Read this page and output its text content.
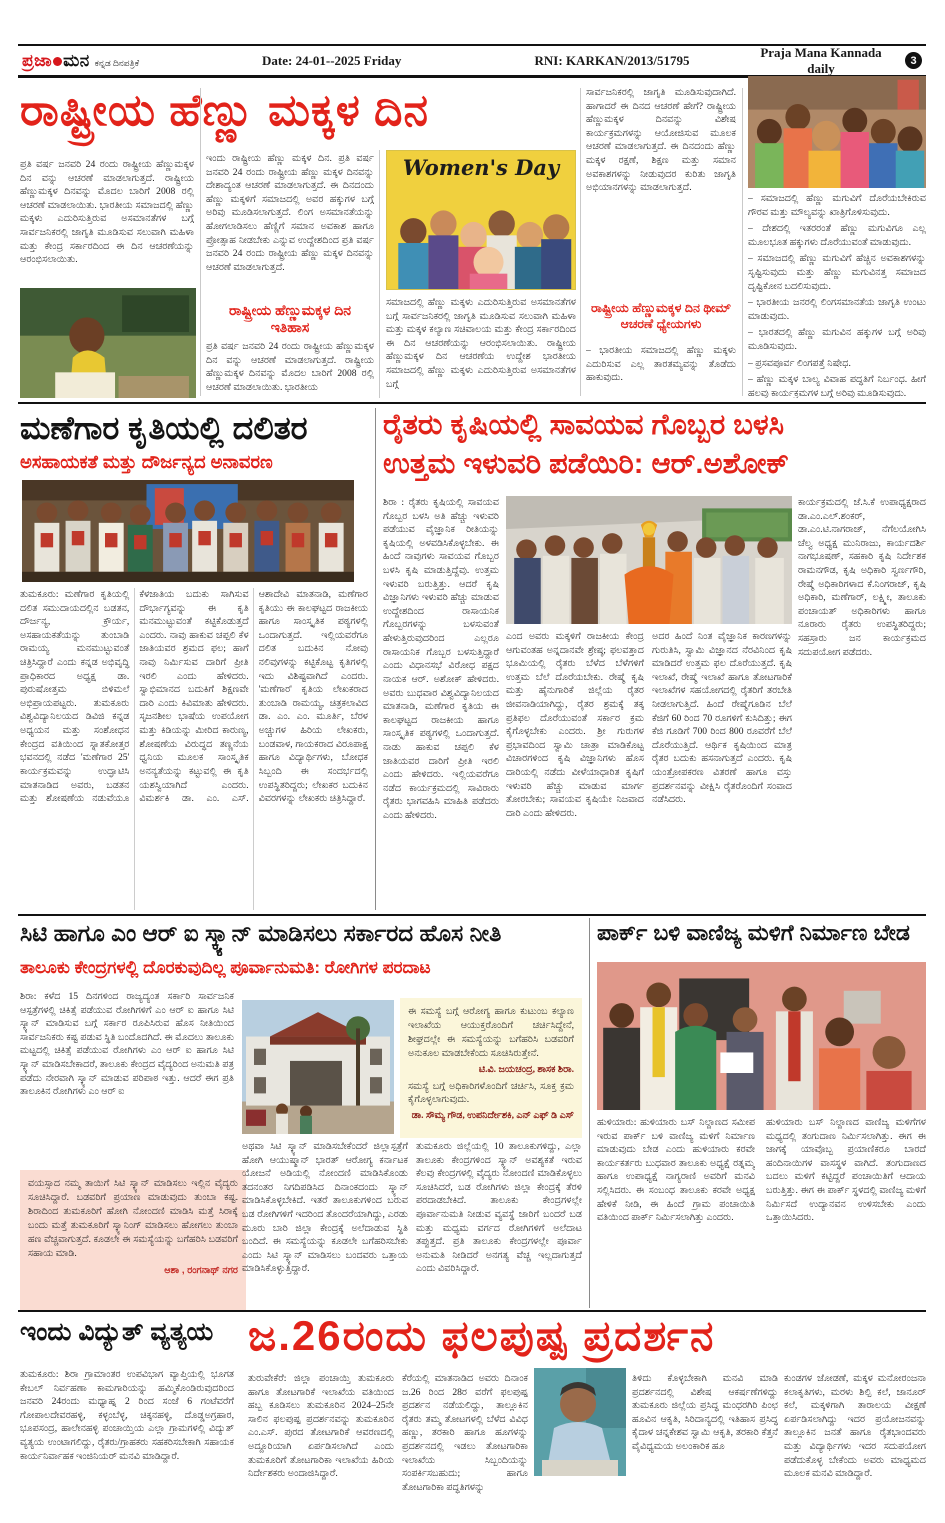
ಪ್ರಜಾ ಮನ ಕನ್ನಡ ದಿನಪತ್ರಿಕೆ	Date: 24-01--2025 Friday	RNI: KARKAN/2013/51795
Praja Mana Kannada daily	3
ರಾಷ್ಟ್ರೀಯ ಹೆಣ್ಣು ಮಕ್ಕಳ ದಿನ
ಪ್ರತಿ ವರ್ಷ ಜನವರಿ 24 ರಂದು ರಾಷ್ಟ್ರೀಯ ಹೆಣ್ಣುಮಕ್ಕಳ ದಿನ ವನ್ನು ಆಚರಣೆ ಮಾಡಲಾಗುತ್ತದೆ. ರಾಷ್ಟ್ರೀಯ ಹೆಣ್ಣುಮಕ್ಕಳ ದಿನವನ್ನು ಮೊದಲ ಬಾರಿಗೆ 2008 ರಲ್ಲಿ ಆಚರಣೆ ಮಾಡಲಾಯಿತು. ಭಾರತೀಯ ಸಮಾಜದಲ್ಲಿ ಹೆಣ್ಣು ಮಕ್ಕಳು ಎದುರಿಸುತ್ತಿರುವ ಅಸಮಾನತೆಗಳ ಬಗ್ಗೆ ಸಾರ್ವಜನಿಕರಲ್ಲಿ ಜಾಗೃತಿ ಮೂಡಿಸುವ ಸಲುವಾಗಿ ಮಹಿಳಾ ಮತ್ತು ಕೇಂದ್ರ ಸರ್ಕಾರದಿಂದ ಈ ದಿನ ಆಚರಣೆಯನ್ನು ಆರಂಭಿಸಲಾಯಿತು.
ಇಂದು ರಾಷ್ಟ್ರೀಯ ಹೆಣ್ಣು ಮಕ್ಕಳ ದಿನ. ಪ್ರತಿ ವರ್ಷ ಜನವರಿ 24 ರಂದು ರಾಷ್ಟ್ರೀಯ ಹೆಣ್ಣು ಮಕ್ಕಳ ದಿನವನ್ನು ದೇಶಾದ್ಯಂತ ಆಚರಣೆ ಮಾಡಲಾಗುತ್ತದೆ. ಈ ದಿನದಂದು ಹೆಣ್ಣು ಮಕ್ಕಳಿಗೆ ಸಮಾಜದಲ್ಲಿ ಅವರ ಹಕ್ಕುಗಳ ಬಗ್ಗೆ ಅರಿವು ಮೂಡಿಸಲಾಗುತ್ತದೆ. ಲಿಂಗ ಅಸಮಾನತೆಯನ್ನು ಹೋಗಲಾಡಿಸಲು ಹೆಣ್ಣಿಗೆ ಸಮಾನ ಅವಕಾಶ ಹಾಗೂ ಪ್ರೋತ್ಸಾಹ ನೀಡಬೇಕು ಎನ್ನುವ ಉದ್ದೇಶದಿಂದ ಪ್ರತಿ ವರ್ಷ ಜನವರಿ 24 ರಂದು ರಾಷ್ಟ್ರೀಯ ಹೆಣ್ಣು ಮಕ್ಕಳ ದಿನವನ್ನು ಆಚರಣೆ ಮಾಡಲಾಗುತ್ತದೆ.
ರಾಷ್ಟ್ರೀಯ ಹೆಣ್ಣುಮಕ್ಕಳ ದಿನ
ಇತಿಹಾಸ
ಪ್ರತಿ ವರ್ಷ ಜನವರಿ 24 ರಂದು ರಾಷ್ಟ್ರೀಯ ಹೆಣ್ಣುಮಕ್ಕಳ ದಿನ ವನ್ನು ಆಚರಣೆ ಮಾಡಲಾಗುತ್ತದೆ. ರಾಷ್ಟ್ರೀಯ ಹೆಣ್ಣುಮಕ್ಕಳ ದಿನವನ್ನು ಮೊದಲ ಬಾರಿಗೆ 2008 ರಲ್ಲಿ ಆಚರಣೆ ಮಾಡಲಾಯಿತು. ಭಾರತೀಯ
Women's Day
ಸಮಾಜದಲ್ಲಿ ಹೆಣ್ಣು ಮಕ್ಕಳು ಎದುರಿಸುತ್ತಿರುವ ಅಸಮಾನತೆಗಳ ಬಗ್ಗೆ ಸಾರ್ವಜನಿಕರಲ್ಲಿ ಜಾಗೃತಿ ಮೂಡಿಸುವ ಸಲುವಾಗಿ ಮಹಿಳಾ ಮತ್ತು ಮಕ್ಕಳ ಕಲ್ಯಾಣ ಸಚಿವಾಲಯ ಮತ್ತು ಕೇಂದ್ರ ಸರ್ಕಾರದಿಂದ ಈ ದಿನ ಆಚರಣೆಯನ್ನು ಆರಂಭಿಸಲಾಯಿತು. ರಾಷ್ಟ್ರೀಯ ಹೆಣ್ಣುಮಕ್ಕಳ ದಿನ ಆಚರಣೆಯ ಉದ್ದೇಶ ಭಾರತೀಯ ಸಮಾಜದಲ್ಲಿ ಹೆಣ್ಣು ಮಕ್ಕಳು ಎದುರಿಸುತ್ತಿರುವ ಅಸಮಾನತೆಗಳ ಬಗ್ಗೆ
ಸಾರ್ವಜನಿಕರಲ್ಲಿ ಜಾಗೃತಿ ಮೂಡಿಸುವುದಾಗಿದೆ. ಹಾಗಾದರೆ ಈ ದಿನದ ಆಚರಣೆ ಹೇಗೆ? ರಾಷ್ಟ್ರೀಯ ಹೆಣ್ಣುಮಕ್ಕಳ ದಿನವನ್ನು ವಿಶೇಷ ಕಾರ್ಯಕ್ರಮಗಳನ್ನು ಆಯೋಜಿಸುವ ಮೂಲಕ ಆಚರಣೆ ಮಾಡಲಾಗುತ್ತದೆ. ಈ ದಿನದಂದು ಹೆಣ್ಣು ಮಕ್ಕಳ ರಕ್ಷಣೆ, ಶಿಕ್ಷಣ ಮತ್ತು ಸಮಾನ ಅವಕಾಶಗಳನ್ನು ನೀಡುವುದರ ಕುರಿತು ಜಾಗೃತಿ ಅಭಿಯಾನಗಳನ್ನು ಮಾಡಲಾಗುತ್ತದೆ.
ರಾಷ್ಟ್ರೀಯ ಹೆಣ್ಣುಮಕ್ಕಳ ದಿನ ಥೀಮ್
ಆಚರಣೆ ಧ್ಯೇಯಗಳು
– ಭಾರತೀಯ ಸಮಾಜದಲ್ಲಿ ಹೆಣ್ಣು ಮಕ್ಕಳು ಎದುರಿಸುವ ಎಲ್ಲ ತಾರತಮ್ಯವನ್ನು ತೊಡೆದು ಹಾಕುವುದು.
– ಸಮಾಜದಲ್ಲಿ ಹೆಣ್ಣು ಮಗುವಿಗೆ ದೊರೆಯಬೇಕಿರುವ ಗೌರವ ಮತ್ತು ಮೌಲ್ಯವನ್ನು ಖಾತ್ರಿಗೊಳಿಸುವುದು.
– ದೇಶದಲ್ಲಿ ಇತರರಂತೆ ಹೆಣ್ಣು ಮಗುವಿಗೂ ಎಲ್ಲ ಮೂಲಭೂತ ಹಕ್ಕುಗಳು ದೊರೆಯುವಂತೆ ಮಾಡುವುದು.
– ಸಮಾಜದಲ್ಲಿ ಹೆಣ್ಣು ಮಗುವಿಗೆ ಹೆಚ್ಚಿನ ಅವಕಾಶಗಳನ್ನು ಸೃಷ್ಟಿಸುವುದು ಮತ್ತು ಹೆಣ್ಣು ಮಗುವಿನತ್ತ ಸಮಾಜದ ದೃಷ್ಟಿಕೋನ ಬದಲಿಸುವುದು.
– ಭಾರತೀಯ ಜನರಲ್ಲಿ ಲಿಂಗಸಮಾನತೆಯ ಜಾಗೃತಿ ಉಂಟು ಮಾಡುವುದು.
– ಭಾರತದಲ್ಲಿ ಹೆಣ್ಣು ಮಗುವಿನ ಹಕ್ಕುಗಳ ಬಗ್ಗೆ ಅರಿವು ಮೂಡಿಸುವುದು.
– ಪ್ರಸವಪೂರ್ವ ಲಿಂಗಪತ್ತೆ ನಿಷೇಧ.
– ಹೆಣ್ಣು ಮಕ್ಕಳ ಬಾಲ್ಯ ವಿವಾಹ ಪದ್ಧತಿಗೆ ನಿರ್ಬಂಧ. ಹೀಗೆ ಹಲವು ಕಾರ್ಯಕ್ರಮಗಳ ಬಗ್ಗೆ ಅರಿವು ಮೂಡಿಸುವುದು.
ಮಣೆಗಾರ ಕೃತಿಯಲ್ಲಿ ದಲಿತರ
ಅಸಹಾಯಕತೆ ಮತ್ತು ದೌರ್ಜನ್ಯದ ಅನಾವರಣ
ತುಮಕೂರು: ಮಣೆಗಾರ ಕೃತಿಯಲ್ಲಿ ದಲಿತ ಸಮುದಾಯದಲ್ಲಿನ ಬಡತನ, ದೌರ್ಜನ್ಯ, ಕ್ರೌರ್ಯ, ಅಸಹಾಯಕತೆಯನ್ನು ತುಂಬಾಡಿ ರಾಮಯ್ಯ ಮನಮುಟ್ಟುವಂತೆ ಚಿತ್ರಿಸಿದ್ದಾರೆ ಎಂದು ಕನ್ನಡ ಅಭಿವೃದ್ಧಿ ಪ್ರಾಧಿಕಾರದ ಅಧ್ಯಕ್ಷ ಡಾ. ಪುರುಷೋತ್ತಮ ಬಿಳಿಮಲೆ ಅಭಿಪ್ರಾಯಪಟ್ಟರು. ತುಮಕೂರು ವಿಶ್ವವಿದ್ಯಾನಿಲಯದ ಡಿವಿಜಿ ಕನ್ನಡ ಅಧ್ಯಯನ ಮತ್ತು ಸಂಶೋಧನ ಕೇಂದ್ರದ ವತಿಯಿಂದ ಸ್ನಾತಕೋತ್ತರ ಭವನದಲ್ಲಿ ನಡೆದ 'ಮಣೆಗಾರ 25' ಕಾರ್ಯಕ್ರಮವನ್ನು ಉದ್ಘಾಟಿಸಿ ಮಾತನಾಡಿದ ಅವರು, ಬಡತನ ಮತ್ತು ಶೋಷಣೆಯ ನಡುವೆಯೂ ಕೆಳಜಾತಿಯ ಬದುಕು ಸಾಗಿಸುವ ದೌರ್ಭಾಗ್ಯವನ್ನು ಈ ಕೃತಿ ಮನಮುಟ್ಟುವಂತೆ ಕಟ್ಟಿಕೊಡುತ್ತದೆ ಎಂದರು. ನಾವು ಹಾಕುವ ಚಪ್ಪಲಿ ಕೆಳ ಜಾತಿಯವರ ಶ್ರಮದ ಫಲ; ಹಾಗೆ ನಾವು ನಿರ್ಮಿಸುವ ದಾರಿಗೆ ಪ್ರೀತಿ ಇರಲಿ ಎಂದು ಹೇಳಿದರು. ಸ್ವಾಭಿಮಾನದ ಬದುಕಿಗೆ ಶಿಕ್ಷಣವೇ ದಾರಿ ಎಂದು ಕಿವಿಮಾತು ಹೇಳಿದರು. ಸೃಜನಶೀಲ ಭಾಷೆಯ ಉಪಯೋಗ ಮತ್ತು ಕಿಡಿಯನ್ನು ಮೀರಿದ ಕಾರುಣ್ಯ, ಶೋಷಣೆಯ ವಿರುದ್ಧದ ತಣ್ಣನೆಯ ಧ್ವನಿಯ ಮೂಲಕ ಸಾಂಸ್ಕೃತಿಕ ಅನನ್ಯತೆಯನ್ನು ಕಟ್ಟುವಲ್ಲಿ ಈ ಕೃತಿ ಯಶಸ್ವಿಯಾಗಿದೆ ಎಂದರು. ವಿಮರ್ಶಕಿ ಡಾ. ಎಂ. ಎಸ್. ಆಶಾದೇವಿ ಮಾತನಾಡಿ, ಮಣೆಗಾರ ಕೃತಿಯು ಈ ಕಾಲಘಟ್ಟದ ರಾಜಕೀಯ ಹಾಗೂ ಸಾಂಸ್ಕೃತಿಕ ಪಠ್ಯಗಳಲ್ಲಿ ಒಂದಾಗುತ್ತದೆ. ಇಲ್ಲಿಯವರೆಗೂ ದಲಿತ ಬದುಕಿನ ನೋವು ನಲಿವುಗಳನ್ನು ಕಟ್ಟಿಕೊಟ್ಟ ಕೃತಿಗಳಲ್ಲಿ ಇದು ವಿಶಿಷ್ಟವಾಗಿದೆ ಎಂದರು. 'ಮಣೆಗಾರ' ಕೃತಿಯ ಲೇಖಕರಾದ ತುಂಬಾಡಿ ರಾಮಯ್ಯ, ಚಿತ್ರಕಲಾವಿದ ಡಾ. ಎಂ. ಎಂ. ಮೂರ್ತಿ, ಬೆರಳ ಅಚ್ಚುಗಳ ಹಿರಿಯ ಲೇಖಕರು, ಬಂಡವಾಳ, ಗಾಯಕರಾದ ವಿರೂಪಾಕ್ಷ ಹಾಗೂ ವಿದ್ಯಾರ್ಥಿಗಳು, ಬೋಧಕ ಸಿಬ್ಬಂದಿ ಈ ಸಂದರ್ಭದಲ್ಲಿ ಉಪಸ್ಥಿತರಿದ್ದರು; ಲೇಖಕರ ಬದುಕಿನ ವಿವರಗಳನ್ನು ಲೇಖಕರು ಚಿತ್ರಿಸಿದ್ದಾರೆ.
ರೈತರು ಕೃಷಿಯಲ್ಲಿ ಸಾವಯವ ಗೊಬ್ಬರ ಬಳಸಿ
ಉತ್ತಮ ಇಳುವರಿ ಪಡೆಯಿರಿ: ಆರ್.ಅಶೋಕ್
ಶಿರಾ : ರೈತರು ಕೃಷಿಯಲ್ಲಿ ಸಾವಯವ ಗೊಬ್ಬರ ಬಳಸಿ ಅತಿ ಹೆಚ್ಚು ಇಳುವರಿ ಪಡೆಯುವ ವೈಜ್ಞಾನಿಕ ರೀತಿಯನ್ನು ಕೃಷಿಯಲ್ಲಿ ಅಳವಡಿಸಿಕೊಳ್ಳಬೇಕು. ಈ ಹಿಂದೆ ನಾವುಗಳು ಸಾವಯವ ಗೊಬ್ಬರ ಬಳಸಿ ಕೃಷಿ ಮಾಡುತ್ತಿದ್ದೆವು. ಉತ್ತಮ ಇಳುವರಿ ಬರುತ್ತಿತ್ತು. ಆದರೆ ಕೃಷಿ ವಿಜ್ಞಾನಿಗಳು ಇಳುವರಿ ಹೆಚ್ಚು ಮಾಡುವ ಉದ್ದೇಶದಿಂದ ರಾಸಾಯನಿಕ ಗೊಬ್ಬರಗಳನ್ನು ಬಳಸುವಂತೆ ಹೇಳುತ್ತಿರುವುದರಿಂದ ಎಲ್ಲರೂ ರಾಸಾಯನಿಕ ಗೊಬ್ಬರ ಬಳಸುತ್ತಿದ್ದಾರೆ ಎಂದು ವಿಧಾನಸಭೆ ವಿರೋಧ ಪಕ್ಷದ ನಾಯಕ ಆರ್. ಅಶೋಕ್ ಹೇಳಿದರು. ಅವರು ಬುಧವಾರ ವಿಶ್ವವಿದ್ಯಾನಿಲಯದ ಮಾತನಾಡಿ, ಮಣೆಗಾರ ಕೃತಿಯ ಈ ಕಾಲಘಟ್ಟದ ರಾಜಕೀಯ ಹಾಗೂ ಸಾಂಸ್ಕೃತಿಕ ಪಠ್ಯಗಳಲ್ಲಿ ಒಂದಾಗುತ್ತದೆ. ನಾಡು ಹಾಕುವ ಚಪ್ಪಲಿ ಕೆಳ ಜಾತಿಯವರ ದಾರಿಗೆ ಪ್ರೀತಿ ಇರಲಿ ಎಂದು ಹೇಳಿದರು. ಇಲ್ಲಿಯವರೆಗೂ ನಡೆದ ಕಾರ್ಯಕ್ರಮದಲ್ಲಿ ಸಾವಿರಾರು ರೈತರು ಭಾಗವಹಿಸಿ ಮಾಹಿತಿ ಪಡೆದರು ಎಂದು ಹೇಳಿದರು.
ಕಾರ್ಯಕ್ರಮದಲ್ಲಿ ಜೆ.ಸಿ.ಕೆ ಉಪಾಧ್ಯಕ್ಷರಾದ ಡಾ.ಎಂ.ಎಲ್.ಶಂಕರ್, ಡಾ.ಎಂ.ಟಿ.ನಾಗರಾಜ್, ನೆಗೆಲಯೋಗಿಸಿ ಚೆಲ್ವ ಅಧ್ಯಕ್ಷ ಮುನಿರಾಜು, ಕಾರ್ಯದರ್ಶಿ ನಾಗಭೂಷಣ್, ಸಹಕಾರಿ ಕೃಷಿ ನಿರ್ದೇಶಕ ರಾಮನಗೌಡ, ಕೃಷಿ ಅಧಿಕಾರಿ ಸ್ವರ್ಣಗೌರಿ, ರೇಷ್ಮೆ ಅಧಿಕಾರಿಗಳಾದ ಕೆ.ನಿಂಗರಾಜ್, ಕೃಷಿ ಅಧಿಕಾರಿ, ಮಣೆಗಾರ್, ಲಕ್ಷ್ಮೀ, ತಾಲೂಕು ಪಂಚಾಯತ್ ಅಧಿಕಾರಿಗಳು ಹಾಗೂ ನೂರಾರು ರೈತರು ಉಪಸ್ಥಿತರಿದ್ದರು; ಸಹಸ್ರಾರು ಜನ ಕಾರ್ಯಕ್ರಮದ ಸದುಪಯೋಗ ಪಡೆದರು.
ಎಂದ ಅವರು ಮಕ್ಕಳಿಗೆ ರಾಜಕೀಯ ಕೇಂದ್ರ ಆಗುವಂತಹ ಅನ್ನದಾನವೇ ಶ್ರೇಷ್ಠ; ಫಲವತ್ತಾದ ಭೂಮಿಯಲ್ಲಿ ರೈತರು ಬೆಳೆದ ಬೆಳೆಗಳಿಗೆ ಉತ್ತಮ ಬೆಲೆ ದೊರೆಯಬೇಕು. ರೇಷ್ಮೆ ಕೃಷಿ ಮತ್ತು ಹೈನುಗಾರಿಕೆ ಜಿಲ್ಲೆಯ ರೈತರ ಜೀವನಾಡಿಯಾಗಿದ್ದು, ರೈತರ ಶ್ರಮಕ್ಕೆ ತಕ್ಕ ಪ್ರತಿಫಲ ದೊರೆಯುವಂತೆ ಸರ್ಕಾರ ಕ್ರಮ ಕೈಗೊಳ್ಳಬೇಕು ಎಂದರು. ಶ್ರೀ ಗುರುಗಳ ಪ್ರಭಾವದಿಂದ ಸ್ವಾಮಿ ಚಾತ್ರಾ ಮಾಡಿಕೊಟ್ಟ ವಿಚಾರಗಳಿಂದ ಕೃಷಿ ವಿಜ್ಞಾನಿಗಳು ಹೊಸ ದಾರಿಯಲ್ಲಿ ನಡೆದು ವೀಳೆಯಾಧಾರಿತ ಕೃಷಿಗೆ ಇಳುವರಿ ಹೆಚ್ಚು ಮಾಡುವ ಮಾರ್ಗ ತೋರಬೇಕು; ಸಾವಯವ ಕೃಷಿಯೇ ನಿಜವಾದ ದಾರಿ ಎಂದು ಹೇಳಿದರು.
ಅದರ ಹಿಂದೆ ನಿಂತ ವೈಜ್ಞಾನಿಕ ಕಾರಣಗಳನ್ನು ಗುರುತಿಸಿ, ಸ್ವಾಮಿ ವಿಜ್ಞಾನದ ನೆರವಿನಿಂದ ಕೃಷಿ ಮಾಡಿದರೆ ಉತ್ತಮ ಫಲ ದೊರೆಯುತ್ತದೆ. ಕೃಷಿ ಇಲಾಖೆ, ರೇಷ್ಮೆ ಇಲಾಖೆ ಹಾಗೂ ತೋಟಗಾರಿಕೆ ಇಲಾಖೆಗಳ ಸಹಯೋಗದಲ್ಲಿ ರೈತರಿಗೆ ತರಬೇತಿ ನೀಡಲಾಗುತ್ತಿದೆ. ಹಿಂದೆ ರೇಷ್ಮೆಗೂಡಿನ ಬೆಲೆ ಕೆಜಿಗೆ 60 ರಿಂದ 70 ರೂಗಳಿಗೆ ಕುಸಿದಿತ್ತು; ಈಗ ಕೆಜಿ ಗೂಡಿಗೆ 700 ರಿಂದ 800 ರೂವರೆಗೆ ಬೆಲೆ ದೊರೆಯುತ್ತಿದೆ. ಆರ್ಥಿಕ ಕೃಷಿಯಿಂದ ಮಾತ್ರ ರೈತರ ಬದುಕು ಹಸನಾಗುತ್ತದೆ ಎಂದರು. ಕೃಷಿ ಯಂತ್ರೋಪಕರಣ ವಿತರಣೆ ಹಾಗೂ ವಸ್ತು ಪ್ರದರ್ಶನವನ್ನು ವೀಕ್ಷಿಸಿ ರೈತರೊಂದಿಗೆ ಸಂವಾದ ನಡೆಸಿದರು.
ಸಿಟಿ ಹಾಗೂ ಎಂ ಆರ್ ಐ ಸ್ಕ್ಯಾನ್ ಮಾಡಿಸಲು ಸರ್ಕಾರದ ಹೊಸ ನೀತಿ
ತಾಲೂಕು ಕೇಂದ್ರಗಳಲ್ಲಿ ದೊರಕುವುದಿಲ್ಲ ಪೂರ್ವಾನುಮತಿ: ರೋಗಿಗಳ ಪರದಾಟ
ಶಿರಾ: ಕಳೆದ 15 ದಿನಗಳಿಂದ ರಾಜ್ಯದ್ಯಂತ ಸರ್ಕಾರಿ ಸಾರ್ವಜನಿಕ ಆಸ್ಪತ್ರೆಗಳಲ್ಲಿ ಚಿಕಿತ್ಸೆ ಪಡೆಯುವ ರೋಗಿಗಳಿಗೆ ಎಂ ಆರ್ ಐ ಹಾಗೂ ಸಿಟಿ ಸ್ಕ್ಯಾನ್ ಮಾಡಿಸುವ ಬಗ್ಗೆ ಸರ್ಕಾರ ರೂಪಿಸಿರುವ ಹೊಸ ನೀತಿಯಿಂದ ಸಾರ್ವಜನಿಕರು ಕಷ್ಟ ಪಡುವ ಸ್ಥಿತಿ ಬಂದೊದಗಿದೆ. ಈ ಮೊದಲು ತಾಲೂಕು ಮಟ್ಟದಲ್ಲಿ ಚಿಕಿತ್ಸೆ ಪಡೆಯುವ ರೋಗಿಗಳು ಎಂ ಆರ್ ಐ ಹಾಗೂ ಸಿಟಿ ಸ್ಕ್ಯಾನ್ ಮಾಡಿಸಬೇಕಾದರೆ, ತಾಲೂಕು ಕೇಂದ್ರದ ವೈದ್ಯರಿಂದ ಅನುಮತಿ ಪತ್ರ ಪಡೆದು ನೇರವಾಗಿ ಸ್ಕ್ಯಾನ್ ಮಾಡುವ ಪರಿಪಾಠ ಇತ್ತು. ಆದರೆ ಈಗ ಪ್ರತಿ ತಾಲೂಕಿನ ರೋಗಿಗಳು ಎಂ ಆರ್ ಐ
ವಯಸ್ಸಾದ ನಮ್ಮ ತಾಯಿಗೆ ಸಿಟಿ ಸ್ಕ್ಯಾನ್ ಮಾಡಿಸಲು ಇಲ್ಲಿನ ವೈದ್ಯರು ಸೂಚಿಸಿದ್ದಾರೆ. ಬಡವರಿಗೆ ಪ್ರಯಾಣ ಮಾಡುವುದು ತುಂಬಾ ಕಷ್ಟ. ಶಿರಾದಿಂದ ತುಮಕೂರಿಗೆ ಹೋಗಿ ನೋಂದಣಿ ಮಾಡಿಸಿ ಮತ್ತೆ ಸಿರಾಕ್ಕೆ ಬಂದು ಮತ್ತೆ ತುಮಕೂರಿಗೆ ಸ್ಕ್ಯಾನಿಂಗ್ ಮಾಡಿಸಲು ಹೋಗಲು ತುಂಬಾ ಹಣ ವೆಚ್ಚವಾಗುತ್ತದೆ. ಕೂಡಲೇ ಈ ಸಮಸ್ಯೆಯನ್ನು ಬಗೆಹರಿಸಿ ಬಡವರಿಗೆ ಸಹಾಯ ಮಾಡಿ.
ಆಶಾ , ರಂಗನಾಥ್ ನಗರ
ಈ ಸಮಸ್ಯೆ ಬಗ್ಗೆ ಆರೋಗ್ಯ ಹಾಗೂ ಕುಟುಂಬ ಕಲ್ಯಾಣ ಇಲಾಖೆಯ ಆಯುಕ್ತರೊಂದಿಗೆ ಚರ್ಚಿಸಿದ್ದೇನೆ, ಶೀಘ್ರದಲ್ಲೇ ಈ ಸಮಸ್ಯೆಯನ್ನು ಬಗೆಹರಿಸಿ ಬಡವರಿಗೆ ಅನುಕೂಲ ಮಾಡಬೇಕೆಂದು ಸೂಚಿಸಿರುತ್ತೇನೆ.
ಟಿ.ವಿ. ಜಯಚಂದ್ರ, ಶಾಸಕ ಶಿರಾ.
ಸಮಸ್ಯೆ ಬಗ್ಗೆ ಅಧಿಕಾರಿಗಳೊಂದಿಗೆ ಚರ್ಚಿಸಿ, ಸೂಕ್ತ ಕ್ರಮ ಕೈಗೊಳ್ಳಲಾಗುವುದು.
ಡಾ. ಸೌಮ್ಯ ಗೌಡ, ಉಪನಿರ್ದೇಶಕಿ, ಎನ್ ಎಫ್ ಡಿ ಎಸ್
ಅಥವಾ ಸಿಟಿ ಸ್ಕ್ಯಾನ್ ಮಾಡಿಸಬೇಕೆಂದರೆ ಜಿಲ್ಲಾಸ್ಪತ್ರೆಗೆ ಹೋಗಿ ಆಯುಷ್ಮಾನ್ ಭಾರತ್ ಆರೋಗ್ಯ ಕರ್ನಾಟಕ ಯೋಜನೆ ಅಡಿಯಲ್ಲಿ ನೋಂದಣಿ ಮಾಡಿಸಿಕೊಂಡು ತದನಂತರ ನಿಗದಿಪಡಿಸಿದ ದಿನಾಂಕದಂದು ಸ್ಕ್ಯಾನ್ ಮಾಡಿಸಿಕೊಳ್ಳಬೇಕಿದೆ. ಇತರೆ ತಾಲೂಕುಗಳಿಂದ ಬರುವ ಬಡ ರೋಗಿಗಳಿಗೆ ಇದರಿಂದ ತೊಂದರೆಯಾಗಿದ್ದು, ಎರಡು ಮೂರು ಬಾರಿ ಜಿಲ್ಲಾ ಕೇಂದ್ರಕ್ಕೆ ಅಲೆದಾಡುವ ಸ್ಥಿತಿ ಬಂದಿದೆ. ಈ ಸಮಸ್ಯೆಯನ್ನು ಕೂಡಲೇ ಬಗೆಹರಿಸಬೇಕು ಎಂದು ಸಿಟಿ ಸ್ಕ್ಯಾನ್ ಮಾಡಿಸಲು ಬಂದವರು ಒತ್ತಾಯ ಮಾಡಿಸಿಕೊಳ್ಳುತ್ತಿದ್ದಾರೆ.
ತುಮಕೂರು ಜಿಲ್ಲೆಯಲ್ಲಿ 10 ತಾಲೂಕುಗಳಿದ್ದು, ಎಲ್ಲಾ ತಾಲೂಕು ಕೇಂದ್ರಗಳಿಂದ ಸ್ಕ್ಯಾನ್ ಅವಶ್ಯಕತೆ ಇರುವ ಕೆಲವು ಕೇಂದ್ರಗಳಲ್ಲಿ ವೈದ್ಯರು ನೋಂದಣಿ ಮಾಡಿಕೊಳ್ಳಲು ಸೂಚಿಸಿದರೆ, ಬಡ ರೋಗಿಗಳು ಜಿಲ್ಲಾ ಕೇಂದ್ರಕ್ಕೆ ತೆರಳಿ ಪರದಾಡಬೇಕಿದೆ. ತಾಲೂಕು ಕೇಂದ್ರಗಳಲ್ಲೇ ಪೂರ್ವಾನುಮತಿ ನೀಡುವ ವ್ಯವಸ್ಥೆ ಜಾರಿಗೆ ಬಂದರೆ ಬಡ ಮತ್ತು ಮಧ್ಯಮ ವರ್ಗದ ರೋಗಿಗಳಿಗೆ ಅಲೆದಾಟ ತಪ್ಪುತ್ತದೆ. ಪ್ರತಿ ತಾಲೂಕು ಕೇಂದ್ರಗಳಲ್ಲೇ ಪೂರ್ವಾ ಅನುಮತಿ ನೀಡಿದರೆ ಅನಗತ್ಯ ವೆಚ್ಚ ಇಲ್ಲದಾಗುತ್ತದೆ ಎಂದು ವಿವರಿಸಿದ್ದಾರೆ.
ಪಾರ್ಕ್ ಬಳಿ ವಾಣಿಜ್ಯ ಮಳಿಗೆ ನಿರ್ಮಾಣ ಬೇಡ
ಹುಳಿಯಾರು: ಹುಳಿಯಾರು ಬಸ್ ನಿಲ್ದಾಣದ ಸಮೀಪ ಇರುವ ಪಾರ್ಕ್ ಬಳಿ ವಾಣಿಜ್ಯ ಮಳಿಗೆ ನಿರ್ಮಾಣ ಮಾಡುವುದು ಬೇಡ ಎಂದು ಹುಳಿಯಾರು ಕರವೇ ಕಾರ್ಯಕರ್ತರು ಬುಧವಾರ ತಾಲೂಕು ಅಧ್ಯಕ್ಷೆ ರತ್ನಮ್ಮ ಹಾಗೂ ಉಪಾಧ್ಯಕ್ಷೆ ನಾಗ್ಯರಾಣಿ ಅವರಿಗೆ ಮನವಿ ಸಲ್ಲಿಸಿದರು. ಈ ಸಂಬಂಧ ತಾಲೂಕು ಕರವೇ ಅಧ್ಯಕ್ಷ ಹೇಳಿಕೆ ನೀಡಿ, ಈ ಹಿಂದೆ ಗ್ರಾಮ ಪಂಚಾಯಿತಿ ವತಿಯಿಂದ ಪಾರ್ಕ್ ನಿರ್ಮಿಸಲಾಗಿತ್ತು ಎಂದರು.
ಹುಳಿಯಾರು ಬಸ್ ನಿಲ್ದಾಣದ ವಾಣಿಜ್ಯ ಮಳಿಗೆಗಳ ಮಧ್ಯದಲ್ಲಿ ತಂಗುದಾಣ ನಿರ್ಮಿಸಲಾಗಿತ್ತು. ಈಗ ಈ ಜಾಗಕ್ಕೆ ಯಾವೊಬ್ಬ ಪ್ರಯಾಣಿಕರೂ ಬಾರದೆ ಹಂದಿನಾಯಿಗಳ ವಾಸಸ್ಥಳ ವಾಗಿದೆ. ತಂಗುದಾಣದ ಬದಲು ಮಳಿಗೆ ಕಟ್ಟಿದ್ದರೆ ಪಂಚಾಯಿತಿಗೆ ಆದಾಯ ಬರುತ್ತಿತ್ತು. ಈಗ ಈ ಪಾರ್ಕ್ ಸ್ಥಳದಲ್ಲಿ ವಾಣಿಜ್ಯ ಮಳಿಗೆ ನಿರ್ಮಿಸದೆ ಉದ್ಯಾನವನ ಉಳಿಸಬೇಕು ಎಂದು ಒತ್ತಾಯಿಸಿದರು.
ಇಂದು ವಿದ್ಯುತ್ ವ್ಯತ್ಯಯ
ತುಮಕೂರು: ಶಿರಾ ಗ್ರಾಮಾಂತರ ಉಪವಿಭಾಗ ವ್ಯಾಪ್ತಿಯಲ್ಲಿ ಭೂಗತ ಕೇಬಲ್ ನಿರ್ವಹಣಾ ಕಾಮಗಾರಿಯನ್ನು ಹಮ್ಮಿಕೊಂಡಿರುವುದರಿಂದ ಜನವರಿ 24ರಂದು ಮಧ್ಯಾಹ್ನ 2 ರಿಂದ ಸಂಜೆ 6 ಗಂಟೆವರೆಗೆ ಗೋಪಾಲದೇವರಹಳ್ಳಿ, ಕಳ್ಳಂಬೆಳ್ಳ, ಚಿಕ್ಕನಹಳ್ಳಿ, ದೊಡ್ಡಅಗ್ರಹಾರ, ಭೂಪಸಂದ್ರ, ಹಾಲೇನಹಳ್ಳಿ ಪಂಚಾಯ್ತಿಯ ಎಲ್ಲಾ ಗ್ರಾಮಗಳಲ್ಲಿ ವಿದ್ಯುತ್ ವ್ಯತ್ಯಯ ಉಂಟಾಗಲಿದ್ದು, ರೈತರು/ಗ್ರಾಹಕರು ಸಹಕರಿಸಬೇಕಾಗಿ ಸಹಾಯಕ ಕಾರ್ಯನಿರ್ವಾಹಕ ಇಂಜಿನಿಯರ್ ಮನವಿ ಮಾಡಿದ್ದಾರೆ.
ಜ.26ರಂದು ಫಲಪುಷ್ಪ ಪ್ರದರ್ಶನ
ತುರುವೇಕೆರೆ: ಜಿಲ್ಲಾ ಪಂಚಾಯ್ತಿ ತುಮಕೂರು ಹಾಗೂ ತೋಟಗಾರಿಕೆ ಇಲಾಖೆಯ ವತಿಯಿಂದ ಹಬ್ಬ ಕೂಡಿಸಲು ತುಮಕೂರಿನ 2024–25ನೇ ಸಾಲಿನ ಫಲಪುಷ್ಪ ಪ್ರದರ್ಶನವನ್ನು ತುಮಕೂರಿನ ಎಂ.ಎಸ್. ಪುರದ ತೋಟಗಾರಿಕೆ ಆವರಣದಲ್ಲಿ ಅದ್ದೂರಿಯಾಗಿ ಏರ್ಪಡಿಸಲಾಗಿದೆ ಎಂದು ತುಮಕೂರಿಗೆ ತೋಟಗಾರಿಕಾ ಇಲಾಖೆಯ ಹಿರಿಯ ನಿರ್ದೇಶಕರು ಅಂದಾಜಿಸಿದ್ದಾರೆ.
ಕೆರೆಯಲ್ಲಿ ಮಾತನಾಡಿದ ಅವರು ದಿನಾಂಕ ಜ.26 ರಿಂದ 28ರ ವರೆಗೆ ಫಲಪುಷ್ಪ ಪ್ರದರ್ಶನ ನಡೆಯಲಿದ್ದು, ತಾಲ್ಲೂಕಿನ ರೈತರು ತಮ್ಮ ತೋಟಗಳಲ್ಲಿ ಬೆಳೆದ ವಿವಿಧ ಹಣ್ಣು, ತರಕಾರಿ ಹಾಗೂ ಹೂಗಳನ್ನು ಪ್ರದರ್ಶನದಲ್ಲಿ ಇಡಲು ತೋಟಗಾರಿಕಾ ಇಲಾಖೆಯ ಸಿಬ್ಬಂದಿಯನ್ನು ಸಂಪರ್ಕಿಸಬಹುದು; ಹಾಗೂ ತೋಟಗಾರಿಕಾ ಪದ್ಧತಿಗಳನ್ನು
ತಿಳಿದು ಕೊಳ್ಳಬೇಕಾಗಿ ಮನವಿ ಮಾಡಿ ಪ್ರದರ್ಶನದಲ್ಲಿ ವಿಶೇಷ ಆಕರ್ಷಣೆಗಳಿದ್ದು ತುಮಕೂರು ಜಿಲ್ಲೆಯ ಪ್ರಸಿದ್ಧ ಮಂಧರಗಿರಿ ಪಿಂಛ ಹೂವಿನ ಆಕೃತಿ, ಸಿರಿದಾನ್ಯದಲ್ಲಿ ಇತಿಹಾಸ ಪ್ರಸಿದ್ಧ ಕೈದಾಳ ಚನ್ನಕೇಶವ ಸ್ವಾಮಿ ಆಕೃತಿ, ತರಕಾರಿ ಕೆತ್ತನೆ ವೈವಿಧ್ಯಮಯ ಅಲಂಕಾರಿಕ ಹೂ
ಕುಂಡಗಳ ಜೋಡಣೆ, ಮಕ್ಕಳ ಮನೋರಂಜನಾ ಕಲಾಕೃತಿಗಳು, ಮರಳು ಶಿಲ್ಪಿ ಕಲೆ, ಜಾನೂರ್ ಕಲೆ, ಮಕ್ಕಳಿಗಾಗಿ ತಾರಾಲಯ ವೀಕ್ಷಣೆ ಏರ್ಪಡಿಸಲಾಗಿದ್ದು ಇದರ ಪ್ರಯೋಜನವನ್ನು ತಾಲ್ಲೂಕಿನ ಜನತೆ ಹಾಗೂ ರೈತಭಾಂದವರು ಮತ್ತು ವಿದ್ಯಾರ್ಥಿಗಳು ಇದರ ಸದುಪಯೋಗ ಪಡೆದುಕೊಳ್ಳ ಬೇಕೆಂದು ಅವರು ಮಾಧ್ಯಮದ ಮೂಲಕ ಮನವಿ ಮಾಡಿದ್ದಾರೆ.
